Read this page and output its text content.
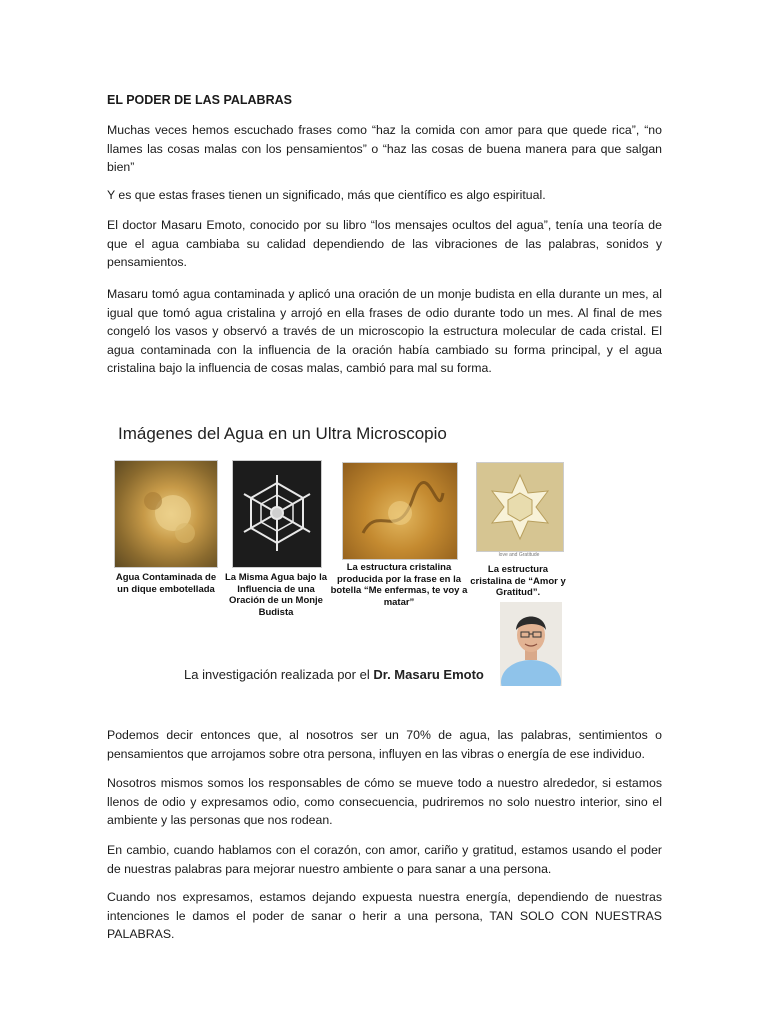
EL PODER DE LAS PALABRAS

Muchas veces hemos escuchado frases como “haz la comida con amor para que quede rica”, “no llames las cosas malas con los pensamientos” o “haz las cosas de buena manera para que salgan bien”

Y es que estas frases tienen un significado, más que científico es algo espiritual.

El doctor Masaru Emoto, conocido por su libro “los mensajes ocultos del agua”, tenía una teoría de que el agua cambiaba su calidad dependiendo de las vibraciones de las palabras, sonidos y pensamientos.

Masaru tomó agua contaminada y aplicó una oración de un monje budista en ella durante un mes, al igual que tomó agua cristalina y arrojó en ella frases de odio durante todo un mes. Al final de mes congeló los vasos y observó a través de un microscopio la estructura molecular de cada cristal. El agua contaminada con la influencia de la oración había cambiado su forma principal, y el agua cristalina bajo la influencia de cosas malas, cambió para mal su forma.

Imágenes del Agua en un Ultra Microscopio
love and Gratitude
Agua Contaminada de un dique embotellada
La Misma Agua bajo la Influencia de una Oración de un Monje Budista
La estructura cristalina producida por la frase en la botella “Me enfermas, te voy a matar”
La estructura cristalina de “Amor y Gratitud”.
La investigación realizada por el Dr. Masaru Emoto

Podemos decir entonces que, al nosotros ser un 70% de agua, las palabras, sentimientos o pensamientos que arrojamos sobre otra persona, influyen en las vibras o energía de ese individuo.

Nosotros mismos somos los responsables de cómo se mueve todo a nuestro alrededor, si estamos llenos de odio y expresamos odio, como consecuencia, pudriremos no solo nuestro interior, sino el ambiente y las personas que nos rodean.

En cambio, cuando hablamos con el corazón, con amor, cariño y gratitud, estamos usando el poder de nuestras palabras para mejorar nuestro ambiente o para sanar a una persona.

Cuando nos expresamos, estamos dejando expuesta nuestra energía, dependiendo de nuestras intenciones le damos el poder de sanar o herir a una persona, TAN SOLO CON NUESTRAS PALABRAS.
